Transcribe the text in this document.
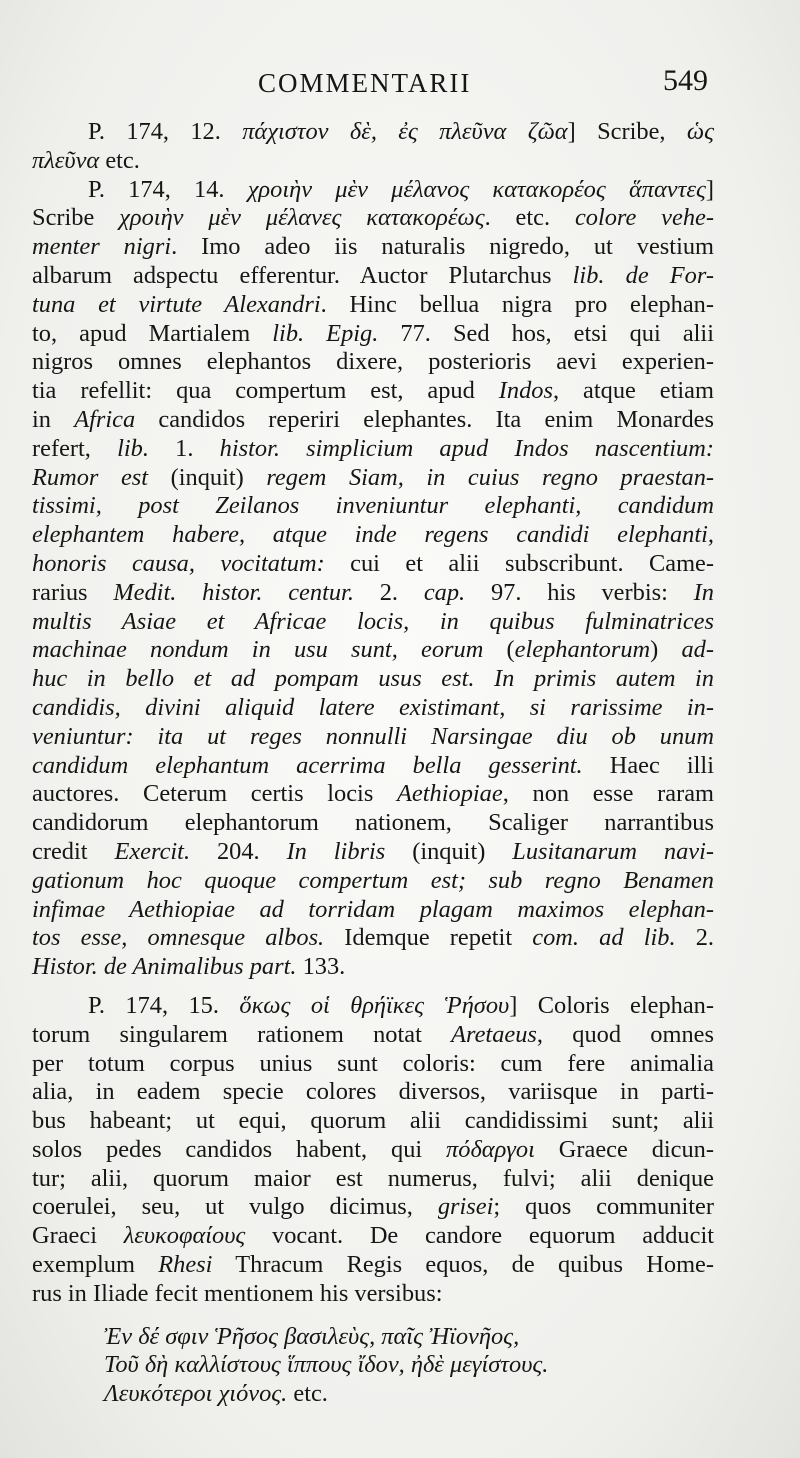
COMMENTARII	549
P. 174, 12. πάχιστον δὲ, ἐς πλεῦνα ζῶα] Scribe, ὡς
πλεῦνα etc.
P. 174, 14. χροιὴν μὲν μέλανος κατακορέος ἅπαντες]
Scribe χροιὴν μὲν μέλανες κατακορέως. etc. colore vehe-
menter nigri. Imo adeo iis naturalis nigredo, ut vestium
albarum adspectu efferentur. Auctor Plutarchus lib. de For-
tuna et virtute Alexandri. Hinc bellua nigra pro elephan-
to, apud Martialem lib. Epig. 77. Sed hos, etsi qui alii
nigros omnes elephantos dixere, posterioris aevi experien-
tia refellit: qua compertum est, apud Indos, atque etiam
in Africa candidos reperiri elephantes. Ita enim Monardes
refert, lib. 1. histor. simplicium apud Indos nascentium:
Rumor est (inquit) regem Siam, in cuius regno praestan-
tissimi, post Zeilanos inveniuntur elephanti, candidum
elephantem habere, atque inde regens candidi elephanti,
honoris causa, vocitatum: cui et alii subscribunt. Came-
rarius Medit. histor. centur. 2. cap. 97. his verbis: In
multis Asiae et Africae locis, in quibus fulminatrices
machinae nondum in usu sunt, eorum (elephantorum) ad-
huc in bello et ad pompam usus est. In primis autem in
candidis, divini aliquid latere existimant, si rarissime in-
veniuntur: ita ut reges nonnulli Narsingae diu ob unum
candidum elephantum acerrima bella gesserint. Haec illi
auctores. Ceterum certis locis Aethiopiae, non esse raram
candidorum elephantorum nationem, Scaliger narrantibus
credit Exercit. 204. In libris (inquit) Lusitanarum navi-
gationum hoc quoque compertum est; sub regno Benamen
infimae Aethiopiae ad torridam plagam maximos elephan-
tos esse, omnesque albos. Idemque repetit com. ad lib. 2.
Histor. de Animalibus part. 133.
P. 174, 15. ὅκως οἱ θρήϊκες Ῥήσου] Coloris elephan-
torum singularem rationem notat Aretaeus, quod omnes
per totum corpus unius sunt coloris: cum fere animalia
alia, in eadem specie colores diversos, variisque in parti-
bus habeant; ut equi, quorum alii candidissimi sunt; alii
solos pedes candidos habent, qui πόδαργοι Graece dicun-
tur; alii, quorum maior est numerus, fulvi; alii denique
coerulei, seu, ut vulgo dicimus, grisei; quos communiter
Graeci λευκοφαίους vocant. De candore equorum adducit
exemplum Rhesi Thracum Regis equos, de quibus Home-
rus in Iliade fecit mentionem his versibus:
Ἐν δέ σφιν Ῥῆσος βασιλεὺς, παῖς Ἠϊονῆος,
Τοῦ δὴ καλλίστους ἵππους ἴδον, ἠδὲ μεγίστους.
Λευκότεροι χιόνος. etc.
